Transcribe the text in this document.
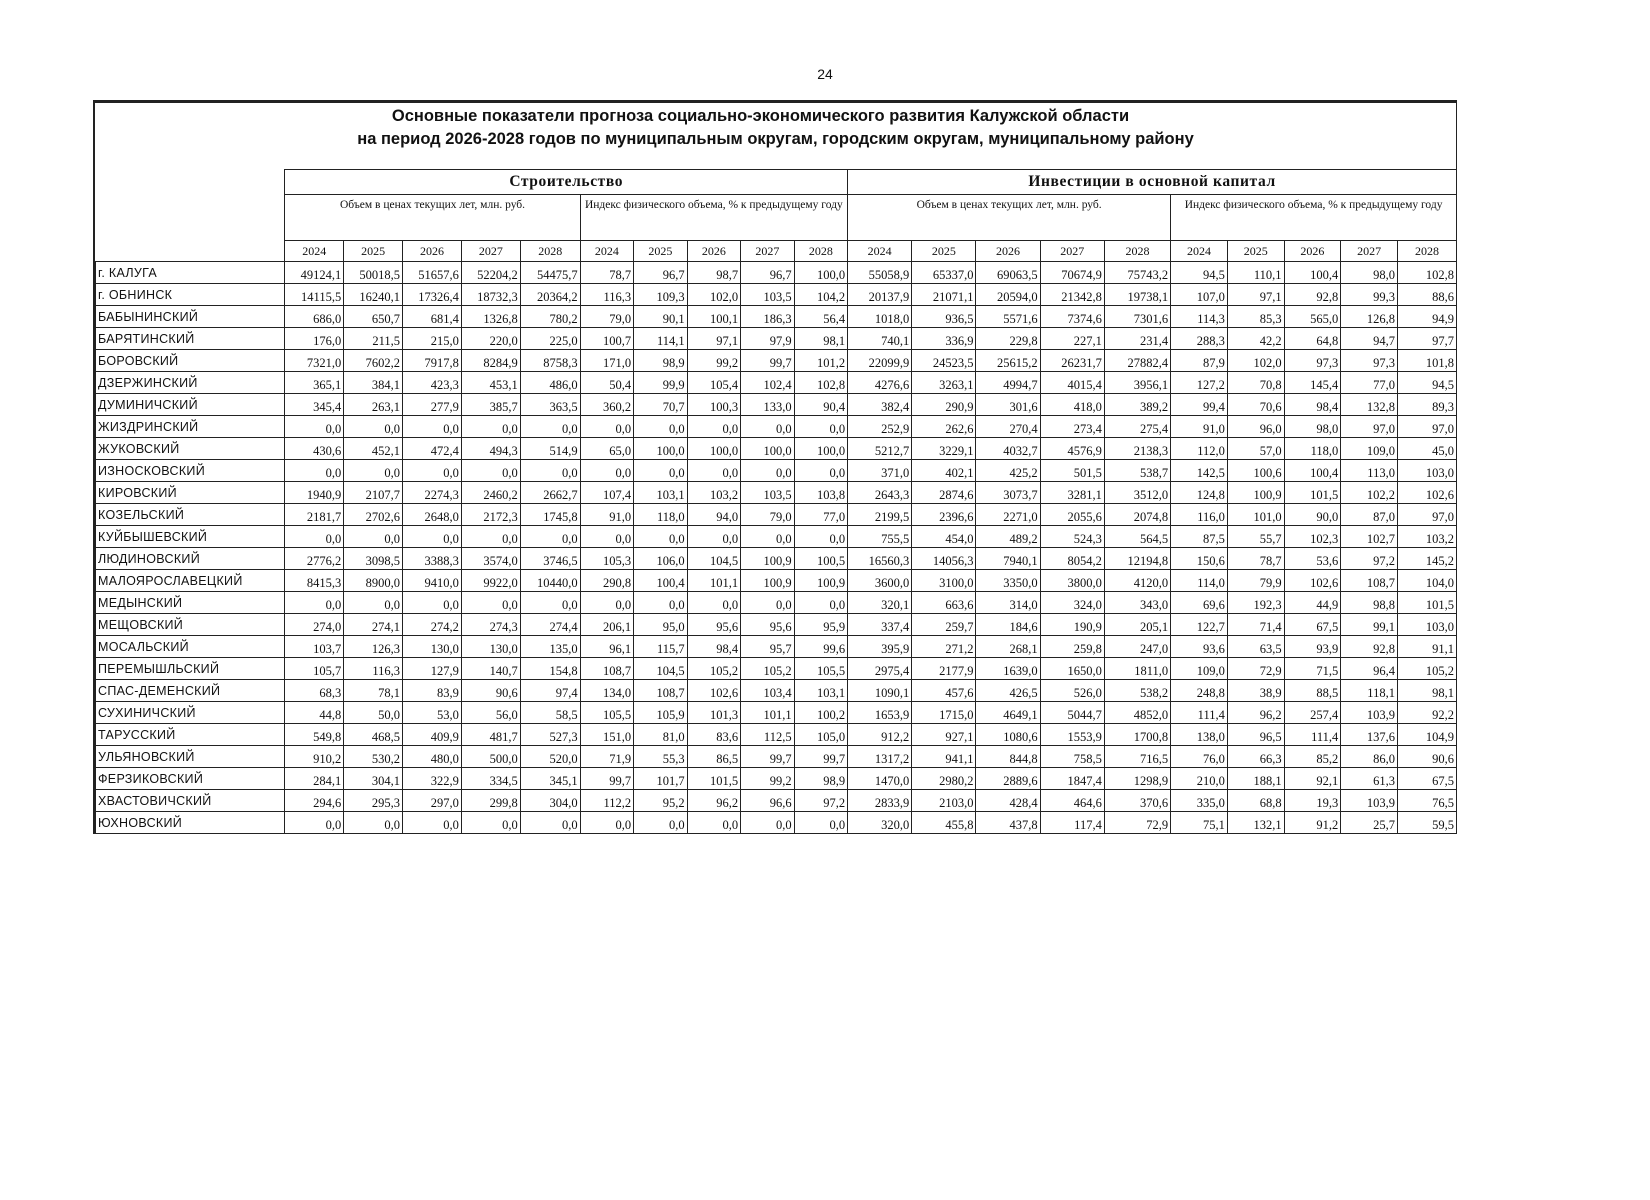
24
Основные показатели прогноза социально-экономического развития Калужской области
на период 2026-2028 годов по муниципальным округам, городским округам, муниципальному району
	Строительство										Инвестиции в основной капитал									
	Объем в ценах текущих лет, млн. руб.					Индекс физического объема, % к предыдущему году					Объем в ценах текущих лет, млн. руб.					Индекс физического объема, % к предыдущему году				
	2024	2025	2026	2027	2028	2024	2025	2026	2027	2028	2024	2025	2026	2027	2028	2024	2025	2026	2027	2028
г. КАЛУГА	49124,1	50018,5	51657,6	52204,2	54475,7	78,7	96,7	98,7	96,7	100,0	55058,9	65337,0	69063,5	70674,9	75743,2	94,5	110,1	100,4	98,0	102,8
г. ОБНИНСК	14115,5	16240,1	17326,4	18732,3	20364,2	116,3	109,3	102,0	103,5	104,2	20137,9	21071,1	20594,0	21342,8	19738,1	107,0	97,1	92,8	99,3	88,6
БАБЫНИНСКИЙ	686,0	650,7	681,4	1326,8	780,2	79,0	90,1	100,1	186,3	56,4	1018,0	936,5	5571,6	7374,6	7301,6	114,3	85,3	565,0	126,8	94,9
БАРЯТИНСКИЙ	176,0	211,5	215,0	220,0	225,0	100,7	114,1	97,1	97,9	98,1	740,1	336,9	229,8	227,1	231,4	288,3	42,2	64,8	94,7	97,7
БОРОВСКИЙ	7321,0	7602,2	7917,8	8284,9	8758,3	171,0	98,9	99,2	99,7	101,2	22099,9	24523,5	25615,2	26231,7	27882,4	87,9	102,0	97,3	97,3	101,8
ДЗЕРЖИНСКИЙ	365,1	384,1	423,3	453,1	486,0	50,4	99,9	105,4	102,4	102,8	4276,6	3263,1	4994,7	4015,4	3956,1	127,2	70,8	145,4	77,0	94,5
ДУМИНИЧСКИЙ	345,4	263,1	277,9	385,7	363,5	360,2	70,7	100,3	133,0	90,4	382,4	290,9	301,6	418,0	389,2	99,4	70,6	98,4	132,8	89,3
ЖИЗДРИНСКИЙ	0,0	0,0	0,0	0,0	0,0	0,0	0,0	0,0	0,0	0,0	252,9	262,6	270,4	273,4	275,4	91,0	96,0	98,0	97,0	97,0
ЖУКОВСКИЙ	430,6	452,1	472,4	494,3	514,9	65,0	100,0	100,0	100,0	100,0	5212,7	3229,1	4032,7	4576,9	2138,3	112,0	57,0	118,0	109,0	45,0
ИЗНОСКОВСКИЙ	0,0	0,0	0,0	0,0	0,0	0,0	0,0	0,0	0,0	0,0	371,0	402,1	425,2	501,5	538,7	142,5	100,6	100,4	113,0	103,0
КИРОВСКИЙ	1940,9	2107,7	2274,3	2460,2	2662,7	107,4	103,1	103,2	103,5	103,8	2643,3	2874,6	3073,7	3281,1	3512,0	124,8	100,9	101,5	102,2	102,6
КОЗЕЛЬСКИЙ	2181,7	2702,6	2648,0	2172,3	1745,8	91,0	118,0	94,0	79,0	77,0	2199,5	2396,6	2271,0	2055,6	2074,8	116,0	101,0	90,0	87,0	97,0
КУЙБЫШЕВСКИЙ	0,0	0,0	0,0	0,0	0,0	0,0	0,0	0,0	0,0	0,0	755,5	454,0	489,2	524,3	564,5	87,5	55,7	102,3	102,7	103,2
ЛЮДИНОВСКИЙ	2776,2	3098,5	3388,3	3574,0	3746,5	105,3	106,0	104,5	100,9	100,5	16560,3	14056,3	7940,1	8054,2	12194,8	150,6	78,7	53,6	97,2	145,2
МАЛОЯРОСЛАВЕЦКИЙ	8415,3	8900,0	9410,0	9922,0	10440,0	290,8	100,4	101,1	100,9	100,9	3600,0	3100,0	3350,0	3800,0	4120,0	114,0	79,9	102,6	108,7	104,0
МЕДЫНСКИЙ	0,0	0,0	0,0	0,0	0,0	0,0	0,0	0,0	0,0	0,0	320,1	663,6	314,0	324,0	343,0	69,6	192,3	44,9	98,8	101,5
МЕЩОВСКИЙ	274,0	274,1	274,2	274,3	274,4	206,1	95,0	95,6	95,6	95,9	337,4	259,7	184,6	190,9	205,1	122,7	71,4	67,5	99,1	103,0
МОСАЛЬСКИЙ	103,7	126,3	130,0	130,0	135,0	96,1	115,7	98,4	95,7	99,6	395,9	271,2	268,1	259,8	247,0	93,6	63,5	93,9	92,8	91,1
ПЕРЕМЫШЛЬСКИЙ	105,7	116,3	127,9	140,7	154,8	108,7	104,5	105,2	105,2	105,5	2975,4	2177,9	1639,0	1650,0	1811,0	109,0	72,9	71,5	96,4	105,2
СПАС-ДЕМЕНСКИЙ	68,3	78,1	83,9	90,6	97,4	134,0	108,7	102,6	103,4	103,1	1090,1	457,6	426,5	526,0	538,2	248,8	38,9	88,5	118,1	98,1
СУХИНИЧСКИЙ	44,8	50,0	53,0	56,0	58,5	105,5	105,9	101,3	101,1	100,2	1653,9	1715,0	4649,1	5044,7	4852,0	111,4	96,2	257,4	103,9	92,2
ТАРУССКИЙ	549,8	468,5	409,9	481,7	527,3	151,0	81,0	83,6	112,5	105,0	912,2	927,1	1080,6	1553,9	1700,8	138,0	96,5	111,4	137,6	104,9
УЛЬЯНОВСКИЙ	910,2	530,2	480,0	500,0	520,0	71,9	55,3	86,5	99,7	99,7	1317,2	941,1	844,8	758,5	716,5	76,0	66,3	85,2	86,0	90,6
ФЕРЗИКОВСКИЙ	284,1	304,1	322,9	334,5	345,1	99,7	101,7	101,5	99,2	98,9	1470,0	2980,2	2889,6	1847,4	1298,9	210,0	188,1	92,1	61,3	67,5
ХВАСТОВИЧСКИЙ	294,6	295,3	297,0	299,8	304,0	112,2	95,2	96,2	96,6	97,2	2833,9	2103,0	428,4	464,6	370,6	335,0	68,8	19,3	103,9	76,5
ЮХНОВСКИЙ	0,0	0,0	0,0	0,0	0,0	0,0	0,0	0,0	0,0	0,0	320,0	455,8	437,8	117,4	72,9	75,1	132,1	91,2	25,7	59,5
